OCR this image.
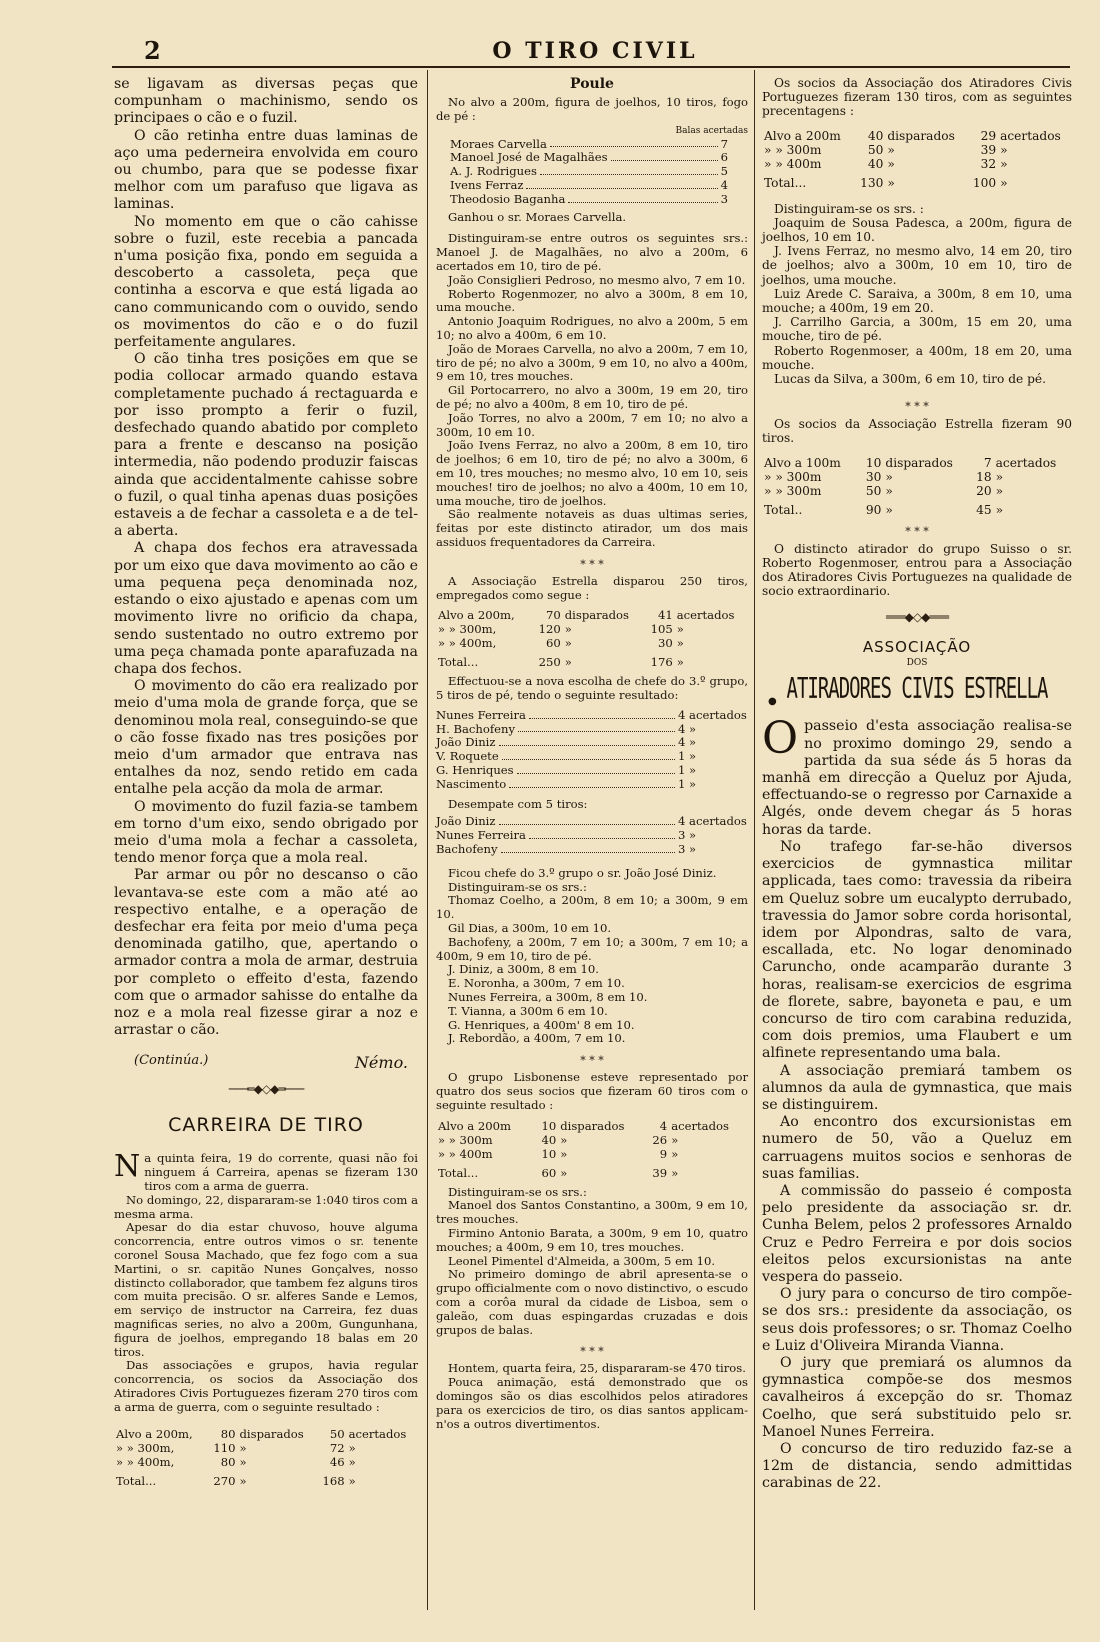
2	O TIRO CIVIL

se ligavam as diversas peças que compunham o machinismo, sendo os principaes o cão e o fuzil.

O cão retinha entre duas laminas de aço uma pederneira envolvida em couro ou chumbo, para que se podesse fixar melhor com um parafuso que ligava as laminas.

No momento em que o cão cahisse sobre o fuzil, este recebia a pancada n'uma posição fixa, pondo em seguida a descoberto a cassoleta, peça que continha a escorva e que está ligada ao cano communicando com o ouvido, sendo os movimentos do cão e o do fuzil perfeitamente angulares.

O cão tinha tres posições em que se podia collocar armado quando estava completamente puchado á rectaguarda e por isso prompto a ferir o fuzil, desfechado quando abatido por completo para a frente e descanso na posição intermedia, não podendo produzir faiscas ainda que accidentalmente cahisse sobre o fuzil, o qual tinha apenas duas posições estaveis a de fechar a cassoleta e a de tel-a aberta.

A chapa dos fechos era atravessada por um eixo que dava movimento ao cão e uma pequena peça denominada noz, estando o eixo ajustado e apenas com um movimento livre no orificio da chapa, sendo sustentado no outro extremo por uma peça chamada ponte aparafuzada na chapa dos fechos.

O movimento do cão era realizado por meio d'uma mola de grande força, que se denominou mola real, conseguindo-se que o cão fosse fixado nas tres posições por meio d'um armador que entrava nas entalhes da noz, sendo retido em cada entalhe pela acção da mola de armar.

O movimento do fuzil fazia-se tambem em torno d'um eixo, sendo obrigado por meio d'uma mola a fechar a cassoleta, tendo menor força que a mola real.

Par armar ou pôr no descanso o cão levantava-se este com a mão até ao respectivo entalhe, e a operação de desfechar era feita por meio d'uma peça denominada gatilho, que, apertando o armador contra a mola de armar, destruia por completo o effeito d'esta, fazendo com que o armador sahisse do entalhe da noz e a mola real fizesse girar a noz e arrastar o cão.

(Continúa.)	Némo.
───═◆◇◆═───
CARREIRA DE TIRO

Na quinta feira, 19 do corrente, quasi não foi ninguem á Carreira, apenas se fizeram 130 tiros com a arma de guerra.

No domingo, 22, dispararam-se 1:040 tiros com a mesma arma.

Apesar do dia estar chuvoso, houve alguma concorrencia, entre outros vimos o sr. tenente coronel Sousa Machado, que fez fogo com a sua Martini, o sr. capitão Nunes Gonçalves, nosso distincto collaborador, que tambem fez alguns tiros com muita precisão. O sr. alferes Sande e Lemos, em serviço de instructor na Carreira, fez duas magnificas series, no alvo a 200m, Gungunhana, figura de joelhos, empregando 18 balas em 20 tiros.

Das associações e grupos, havia regular concorrencia, os socios da Associação dos Atiradores Civis Portuguezes fizeram 270 tiros com a arma de guerra, com o seguinte resultado :

Alvo a 200m,	80	disparados	50	acertados
» » 300m,	110	»	72	»
» » 400m,	80	»	46	»
Total...	270	»	168	»
Poule

No alvo a 200m, figura de joelhos, 10 tiros, fogo de pé :

Balas acertadas
Moraes Carvella	7
Manoel José de Magalhães	6
A. J. Rodrigues	5
Ivens Ferraz	4
Theodosio Baganha	3

Ganhou o sr. Moraes Carvella.

Distinguiram-se entre outros os seguintes srs.: Manoel J. de Magalhães, no alvo a 200m, 6 acertados em 10, tiro de pé.

João Consiglieri Pedroso, no mesmo alvo, 7 em 10.

Roberto Rogenmozer, no alvo a 300m, 8 em 10, uma mouche.

Antonio Joaquim Rodrigues, no alvo a 200m, 5 em 10; no alvo a 400m, 6 em 10.

João de Moraes Carvella, no alvo a 200m, 7 em 10, tiro de pé; no alvo a 300m, 9 em 10, no alvo a 400m, 9 em 10, tres mouches.

Gil Portocarrero, no alvo a 300m, 19 em 20, tiro de pé; no alvo a 400m, 8 em 10, tiro de pé.

João Torres, no alvo a 200m, 7 em 10; no alvo a 300m, 10 em 10.

João Ivens Ferraz, no alvo a 200m, 8 em 10, tiro de joelhos; 6 em 10, tiro de pé; no alvo a 300m, 6 em 10, tres mouches; no mesmo alvo, 10 em 10, seis mouches! tiro de joelhos; no alvo a 400m, 10 em 10, uma mouche, tiro de joelhos.

São realmente notaveis as duas ultimas series, feitas por este distincto atirador, um dos mais assiduos frequentadores da Carreira.

* * *

A Associação Estrella disparou 250 tiros, empregados como segue :

Alvo a 200m,	70	disparados	41	acertados
» » 300m,	120	»	105	»
» » 400m,	60	»	30	»
Total...	250	»	176	»

Effectuou-se a nova escolha de chefe do 3.º grupo, 5 tiros de pé, tendo o seguinte resultado:

Nunes Ferreira	4 acertados
H. Bachofeny	4 »
João Diniz	4 »
V. Roquete	1 »
G. Henriques	1 »
Nascimento	1 »

Desempate com 5 tiros:

João Diniz	4 acertados
Nunes Ferreira	3 »
Bachofeny	3 »

Ficou chefe do 3.º grupo o sr. João José Diniz.

Distinguiram-se os srs.:

Thomaz Coelho, a 200m, 8 em 10; a 300m, 9 em 10.

Gil Dias, a 300m, 10 em 10.

Bachofeny, a 200m, 7 em 10; a 300m, 7 em 10; a 400m, 9 em 10, tiro de pé.

J. Diniz, a 300m, 8 em 10.

E. Noronha, a 300m, 7 em 10.

Nunes Ferreira, a 300m, 8 em 10.

T. Vianna, a 300m 6 em 10.

G. Henriques, a 400m' 8 em 10.

J. Rebordão, a 400m, 7 em 10.

* * *

O grupo Lisbonense esteve representado por quatro dos seus socios que fizeram 60 tiros com o seguinte resultado :

Alvo a 200m	10	disparados	4	acertados
» » 300m	40	»	26	»
» » 400m	10	»	9	»
Total...	60	»	39	»

Distinguiram-se os srs.:

Manoel dos Santos Constantino, a 300m, 9 em 10, tres mouches.

Firmino Antonio Barata, a 300m, 9 em 10, quatro mouches; a 400m, 9 em 10, tres mouches.

Leonel Pimentel d'Almeida, a 300m, 5 em 10.

No primeiro domingo de abril apresenta-se o grupo officialmente com o novo distinctivo, o escudo com a corôa mural da cidade de Lisboa, sem o galeão, com duas espingardas cruzadas e dois grupos de balas.

* * *

Hontem, quarta feira, 25, dispararam-se 470 tiros.

Pouca animação, está demonstrado que os domingos são os dias escolhidos pelos atiradores para os exercicios de tiro, os dias santos applicam-n'os a outros divertimentos.

Os socios da Associação dos Atiradores Civis Portuguezes fizeram 130 tiros, com as seguintes precentagens :

Alvo a 200m	40	disparados	29	acertados
» » 300m	50	»	39	»
» » 400m	40	»	32	»
Total...	130	»	100	»

Distinguiram-se os srs. :

Joaquim de Sousa Padesca, a 200m, figura de joelhos, 10 em 10.

J. Ivens Ferraz, no mesmo alvo, 14 em 20, tiro de joelhos; alvo a 300m, 10 em 10, tiro de joelhos, uma mouche.

Luiz Arede C. Saraiva, a 300m, 8 em 10, uma mouche; a 400m, 19 em 20.

J. Carrilho Garcia, a 300m, 15 em 20, uma mouche, tiro de pé.

Roberto Rogenmoser, a 400m, 18 em 20, uma mouche.

Lucas da Silva, a 300m, 6 em 10, tiro de pé.

* * *

Os socios da Associação Estrella fizeram 90 tiros.

Alvo a 100m	10	disparados	7	acertados
» » 300m	30	»	18	»
» » 300m	50	»	20	»
Total..	90	»	45	»
* * *

O distincto atirador do grupo Suisso o sr. Roberto Rogenmoser, entrou para a Associação dos Atiradores Civis Portuguezes na qualidade de socio extraordinario.

═══◆◇◆═══
ASSOCIAÇÃO
DOS
ATIRADORES CIVIS ESTRELLA

O passeio d'esta associação realisa-se no proximo domingo 29, sendo a partida da sua séde ás 5 horas da manhã em direcção a Queluz por Ajuda, effectuando-se o regresso por Carnaxide a Algés, onde devem chegar ás 5 horas horas da tarde.

No trafego far-se-hão diversos exercicios de gymnastica militar applicada, taes como: travessia da ribeira em Queluz sobre um eucalypto derrubado, travessia do Jamor sobre corda horisontal, idem por Alpondras, salto de vara, escallada, etc. No logar denominado Caruncho, onde acamparão durante 3 horas, realisam-se exercicios de esgrima de florete, sabre, bayoneta e pau, e um concurso de tiro com carabina reduzida, com dois premios, uma Flaubert e um alfinete representando uma bala.

A associação premiará tambem os alumnos da aula de gymnastica, que mais se distinguirem.

Ao encontro dos excursionistas em numero de 50, vão a Queluz em carruagens muitos socios e senhoras de suas familias.

A commissão do passeio é composta pelo presidente da associação sr. dr. Cunha Belem, pelos 2 professores Arnaldo Cruz e Pedro Ferreira e por dois socios eleitos pelos excursionistas na ante vespera do passeio.

O jury para o concurso de tiro compõe-se dos srs.: presidente da associação, os seus dois professores; o sr. Thomaz Coelho e Luiz d'Oliveira Miranda Vianna.

O jury que premiará os alumnos da gymnastica compõe-se dos mesmos cavalheiros á excepção do sr. Thomaz Coelho, que será substituido pelo sr. Manoel Nunes Ferreira.

O concurso de tiro reduzido faz-se a 12m de distancia, sendo admittidas carabinas de 22.

●
